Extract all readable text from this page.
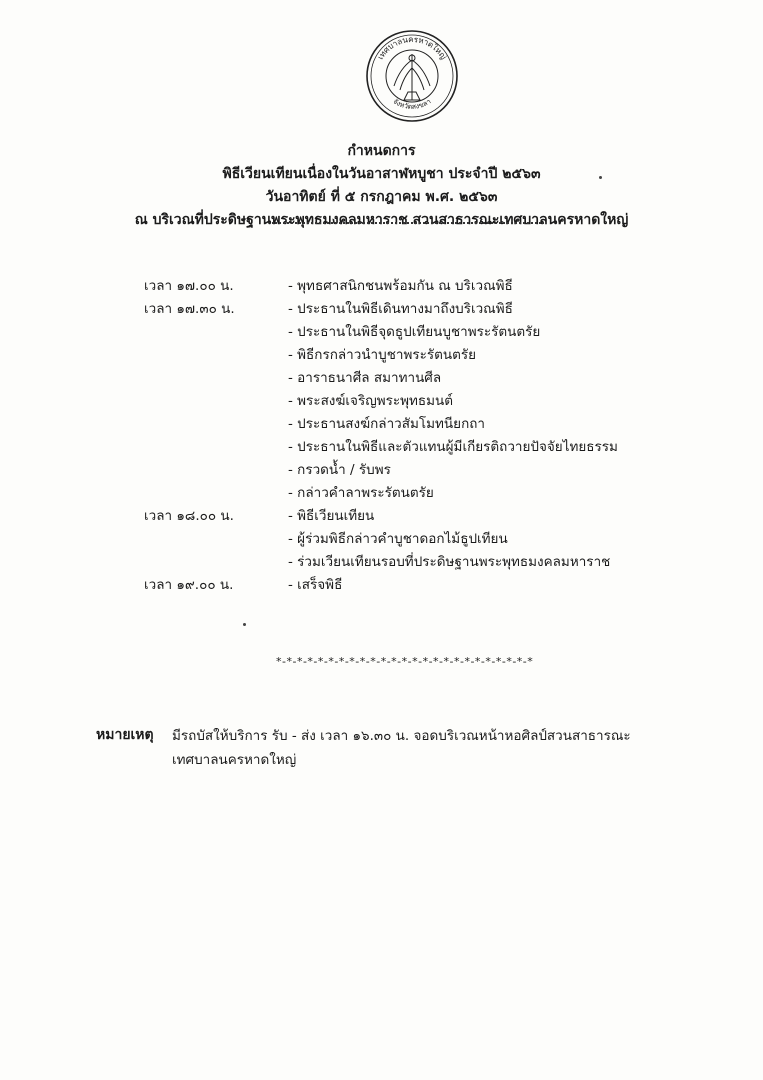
เทศบาลนครหาดใหญ่
จังหวัดสงขลา
กำหนดการ
พิธีเวียนเทียนเนื่องในวันอาสาฬหบูชา ประจำปี ๒๕๖๓
วันอาทิตย์ ที่ ๕ กรกฎาคม พ.ศ. ๒๕๖๓
ณ บริเวณที่ประดิษฐานพระพุทธมงคลมหาราช สวนสาธารณะเทศบาลนครหาดใหญ่
เวลา ๑๗.๐๐ น.	- พุทธศาสนิกชนพร้อมกัน ณ บริเวณพิธี
เวลา ๑๗.๓๐ น.	- ประธานในพิธีเดินทางมาถึงบริเวณพิธี
- ประธานในพิธีจุดธูปเทียนบูชาพระรัตนตรัย
- พิธีกรกล่าวนำบูชาพระรัตนตรัย
- อาราธนาศีล สมาทานศีล
- พระสงฆ์เจริญพระพุทธมนต์
- ประธานสงฆ์กล่าวสัมโมทนียกถา
- ประธานในพิธีและตัวแทนผู้มีเกียรติถวายปัจจัยไทยธรรม
- กรวดน้ำ / รับพร
- กล่าวคำลาพระรัตนตรัย
เวลา ๑๘.๐๐ น.	- พิธีเวียนเทียน
- ผู้ร่วมพิธีกล่าวคำบูชาดอกไม้ธูปเทียน
- ร่วมเวียนเทียนรอบที่ประดิษฐานพระพุทธมงคลมหาราช
เวลา ๑๙.๐๐ น.	- เสร็จพิธี
*-*-*-*-*-*-*-*-*-*-*-*-*-*-*-*-*-*-*-*-*-*-*-*-*
หมายเหตุ มีรถบัสให้บริการ รับ - ส่ง เวลา ๑๖.๓๐ น. จอดบริเวณหน้าหอศิลป์สวนสาธารณะเทศบาลนครหาดใหญ่
